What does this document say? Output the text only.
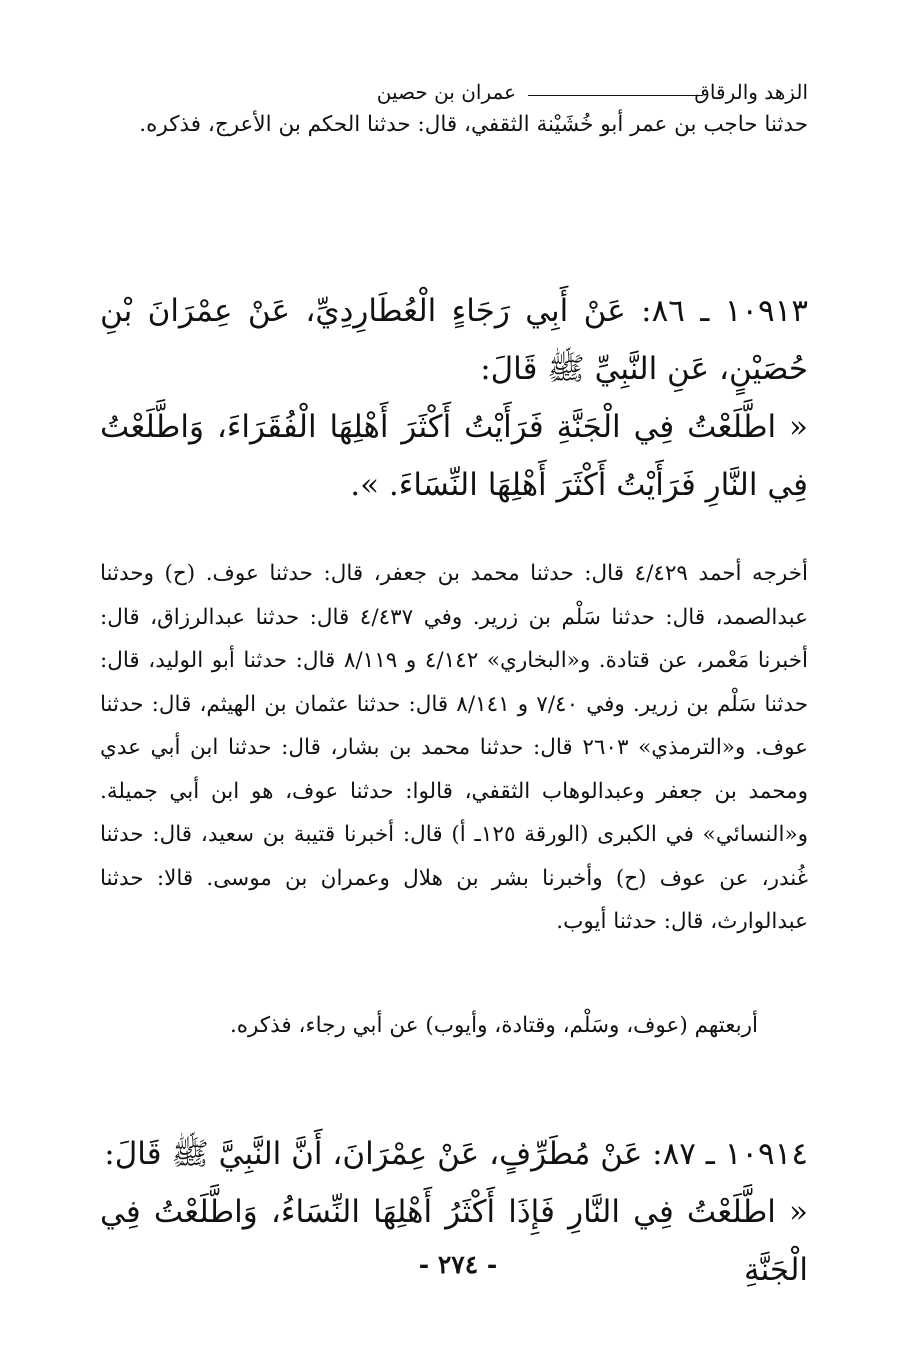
الزهد والرقاق
عمران بن حصين

حدثنا حاجب بن عمر أبو خُشَيْنة الثقفي، قال: حدثنا الحكم بن الأعرج، فذكره.

١٠٩١٣ ـ ٨٦: عَنْ أَبِي رَجَاءٍ الْعُطَارِدِيِّ، عَنْ عِمْرَانَ بْنِ حُصَيْنٍ، عَنِ النَّبِيِّ ﷺ قَالَ:

« اطَّلَعْتُ فِي الْجَنَّةِ فَرَأَيْتُ أَكْثَرَ أَهْلِهَا الْفُقَرَاءَ، وَاطَّلَعْتُ فِي النَّارِ فَرَأَيْتُ أَكْثَرَ أَهْلِهَا النِّسَاءَ. ».

أخرجه أحمد ٤/٤٢٩ قال: حدثنا محمد بن جعفر، قال: حدثنا عوف. (ح) وحدثنا عبدالصمد، قال: حدثنا سَلْم بن زرير. وفي ٤/٤٣٧ قال: حدثنا عبدالرزاق، قال: أخبرنا مَعْمر، عن قتادة. و«البخاري» ٤/١٤٢ و ٨/١١٩ قال: حدثنا أبو الوليد، قال: حدثنا سَلْم بن زرير. وفي ٧/٤٠ و ٨/١٤١ قال: حدثنا عثمان بن الهيثم، قال: حدثنا عوف. و«الترمذي» ٢٦٠٣ قال: حدثنا محمد بن بشار، قال: حدثنا ابن أبي عدي ومحمد بن جعفر وعبدالوهاب الثقفي، قالوا: حدثنا عوف، هو ابن أبي جميلة. و«النسائي» في الكبرى (الورقة ١٢٥ـ أ) قال: أخبرنا قتيبة بن سعيد، قال: حدثنا غُندر، عن عوف (ح) وأخبرنا بشر بن هلال وعمران بن موسى. قالا: حدثنا عبدالوارث، قال: حدثنا أيوب.

أربعتهم (عوف، وسَلْم، وقتادة، وأيوب) عن أبي رجاء، فذكره.

١٠٩١٤ ـ ٨٧: عَنْ مُطَرِّفٍ، عَنْ عِمْرَانَ، أَنَّ النَّبِيَّ ﷺ قَالَ:

« اطَّلَعْتُ فِي النَّارِ فَإِذَا أَكْثَرُ أَهْلِهَا النِّسَاءُ، وَاطَّلَعْتُ فِي الْجَنَّةِ

- ٢٧٤ -
